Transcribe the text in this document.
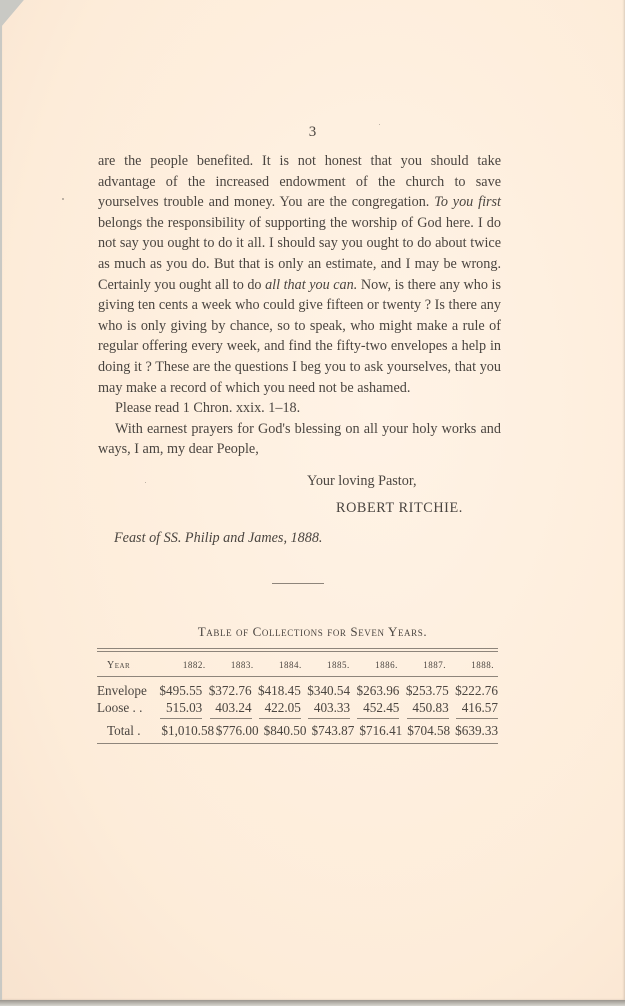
3

are the people benefited. It is not honest that you should take advantage of the increased endowment of the church to save yourselves trouble and money. You are the congregation. To you first belongs the responsibility of supporting the worship of God here. I do not say you ought to do it all. I should say you ought to do about twice as much as you do. But that is only an estimate, and I may be wrong. Certainly you ought all to do all that you can. Now, is there any who is giving ten cents a week who could give fifteen or twenty ? Is there any who is only giving by chance, so to speak, who might make a rule of regular offering every week, and find the fifty-two envelopes a help in doing it ? These are the questions I beg you to ask yourselves, that you may make a record of which you need not be ashamed.

Please read 1 Chron. xxix. 1–18.

With earnest prayers for God's blessing on all your holy works and ways, I am, my dear People,

Your loving Pastor,
ROBERT RITCHIE.
Feast of SS. Philip and James, 1888.
Table of Collections for Seven Years.
Year	1882.	1883.	1884.	1885.	1886.	1887.	1888.
Envelope $495.55 $372.76 $418.45 $340.54 $263.96 $253.75 $222.76
Loose . .	515.03 403.24 422.05 403.33 452.45 450.83 416.57
Total .	$1,010.58 $776.00 $840.50 $743.87 $716.41 $704.58 $639.33
